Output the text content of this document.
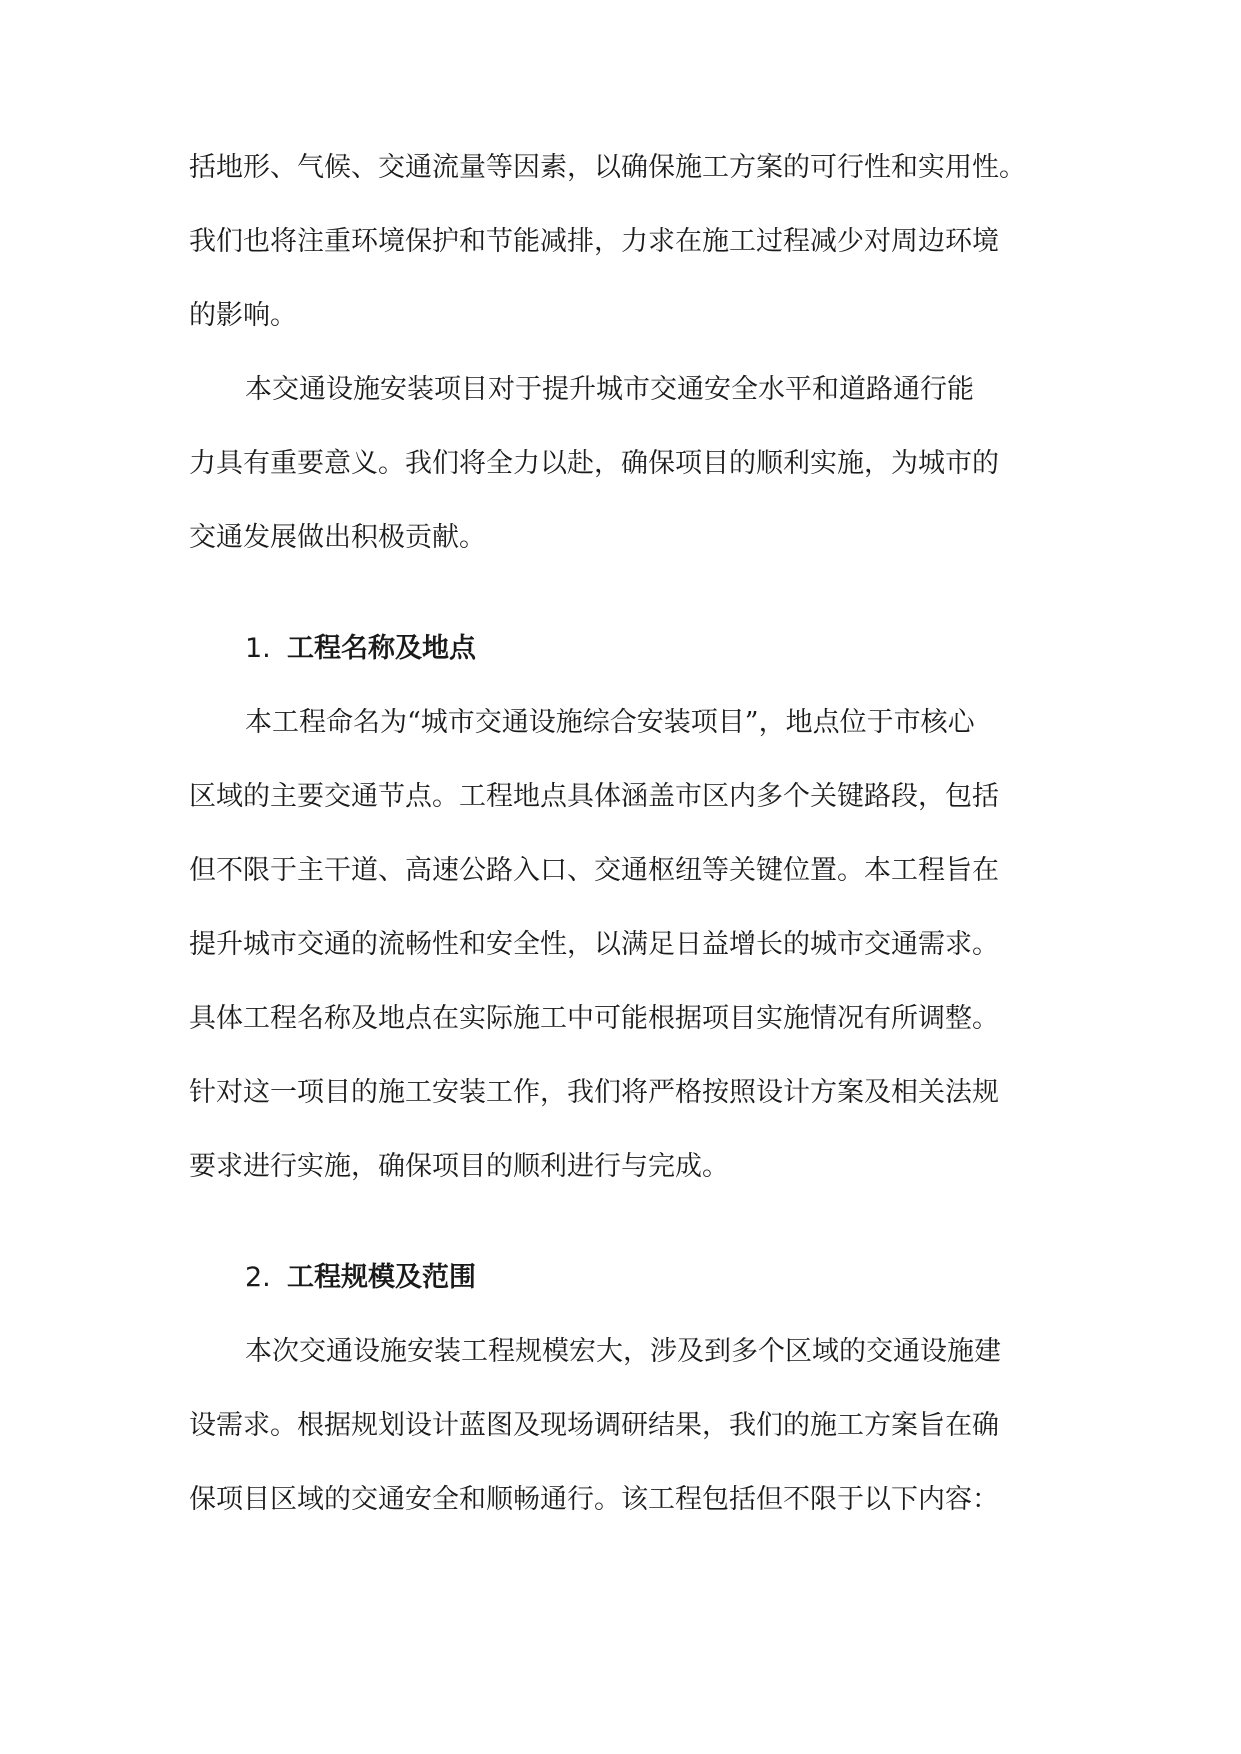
括地形、气候、交通流量等因素，以确保施工方案的可行性和实用性。
我们也将注重环境保护和节能减排，力求在施工过程减少对周边环境
的影响。
本交通设施安装项目对于提升城市交通安全水平和道路通行能
力具有重要意义。我们将全力以赴，确保项目的顺利实施，为城市的
交通发展做出积极贡献。
1. 工程名称及地点
本工程命名为“城市交通设施综合安装项目”，地点位于市核心
区域的主要交通节点。工程地点具体涵盖市区内多个关键路段，包括
但不限于主干道、高速公路入口、交通枢纽等关键位置。本工程旨在
提升城市交通的流畅性和安全性，以满足日益增长的城市交通需求。
具体工程名称及地点在实际施工中可能根据项目实施情况有所调整。
针对这一项目的施工安装工作，我们将严格按照设计方案及相关法规
要求进行实施，确保项目的顺利进行与完成。
2. 工程规模及范围
本次交通设施安装工程规模宏大，涉及到多个区域的交通设施建
设需求。根据规划设计蓝图及现场调研结果，我们的施工方案旨在确
保项目区域的交通安全和顺畅通行。该工程包括但不限于以下内容：
